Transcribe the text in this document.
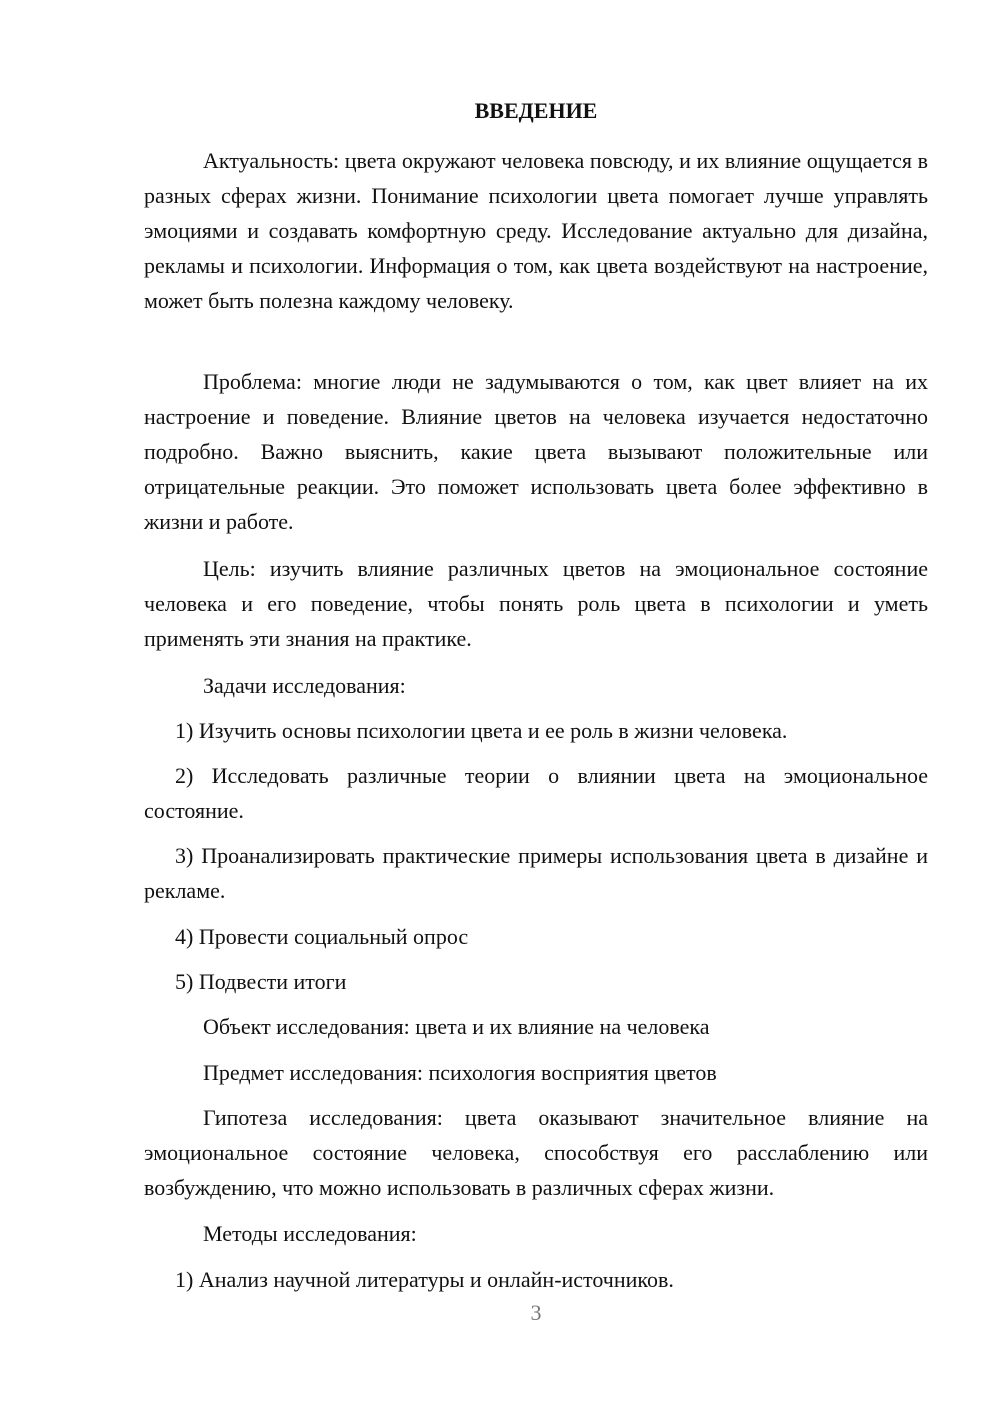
ВВЕДЕНИЕ

Актуальность: цвета окружают человека повсюду, и их влияние ощущается в разных сферах жизни. Понимание психологии цвета помогает лучше управлять эмоциями и создавать комфортную среду. Исследование актуально для дизайна, рекламы и психологии. Информация о том, как цвета воздействуют на настроение, может быть полезна каждому человеку.

Проблема: многие люди не задумываются о том, как цвет влияет на их настроение и поведение. Влияние цветов на человека изучается недостаточно подробно. Важно выяснить, какие цвета вызывают положительные или отрицательные реакции. Это поможет использовать цвета более эффективно в жизни и работе.

Цель: изучить влияние различных цветов на эмоциональное состояние человека и его поведение, чтобы понять роль цвета в психологии и уметь применять эти знания на практике.

Задачи исследования:

1) Изучить основы психологии цвета и ее роль в жизни человека.

2) Исследовать различные теории о влиянии цвета на эмоциональное состояние.

3) Проанализировать практические примеры использования цвета в дизайне и рекламе.

4) Провести социальный опрос

5) Подвести итоги

Объект исследования: цвета и их влияние на человека

Предмет исследования: психология восприятия цветов

Гипотеза исследования: цвета оказывают значительное влияние на эмоциональное состояние человека, способствуя его расслаблению или возбуждению, что можно использовать в различных сферах жизни.

Методы исследования:

1) Анализ научной литературы и онлайн-источников.

3
